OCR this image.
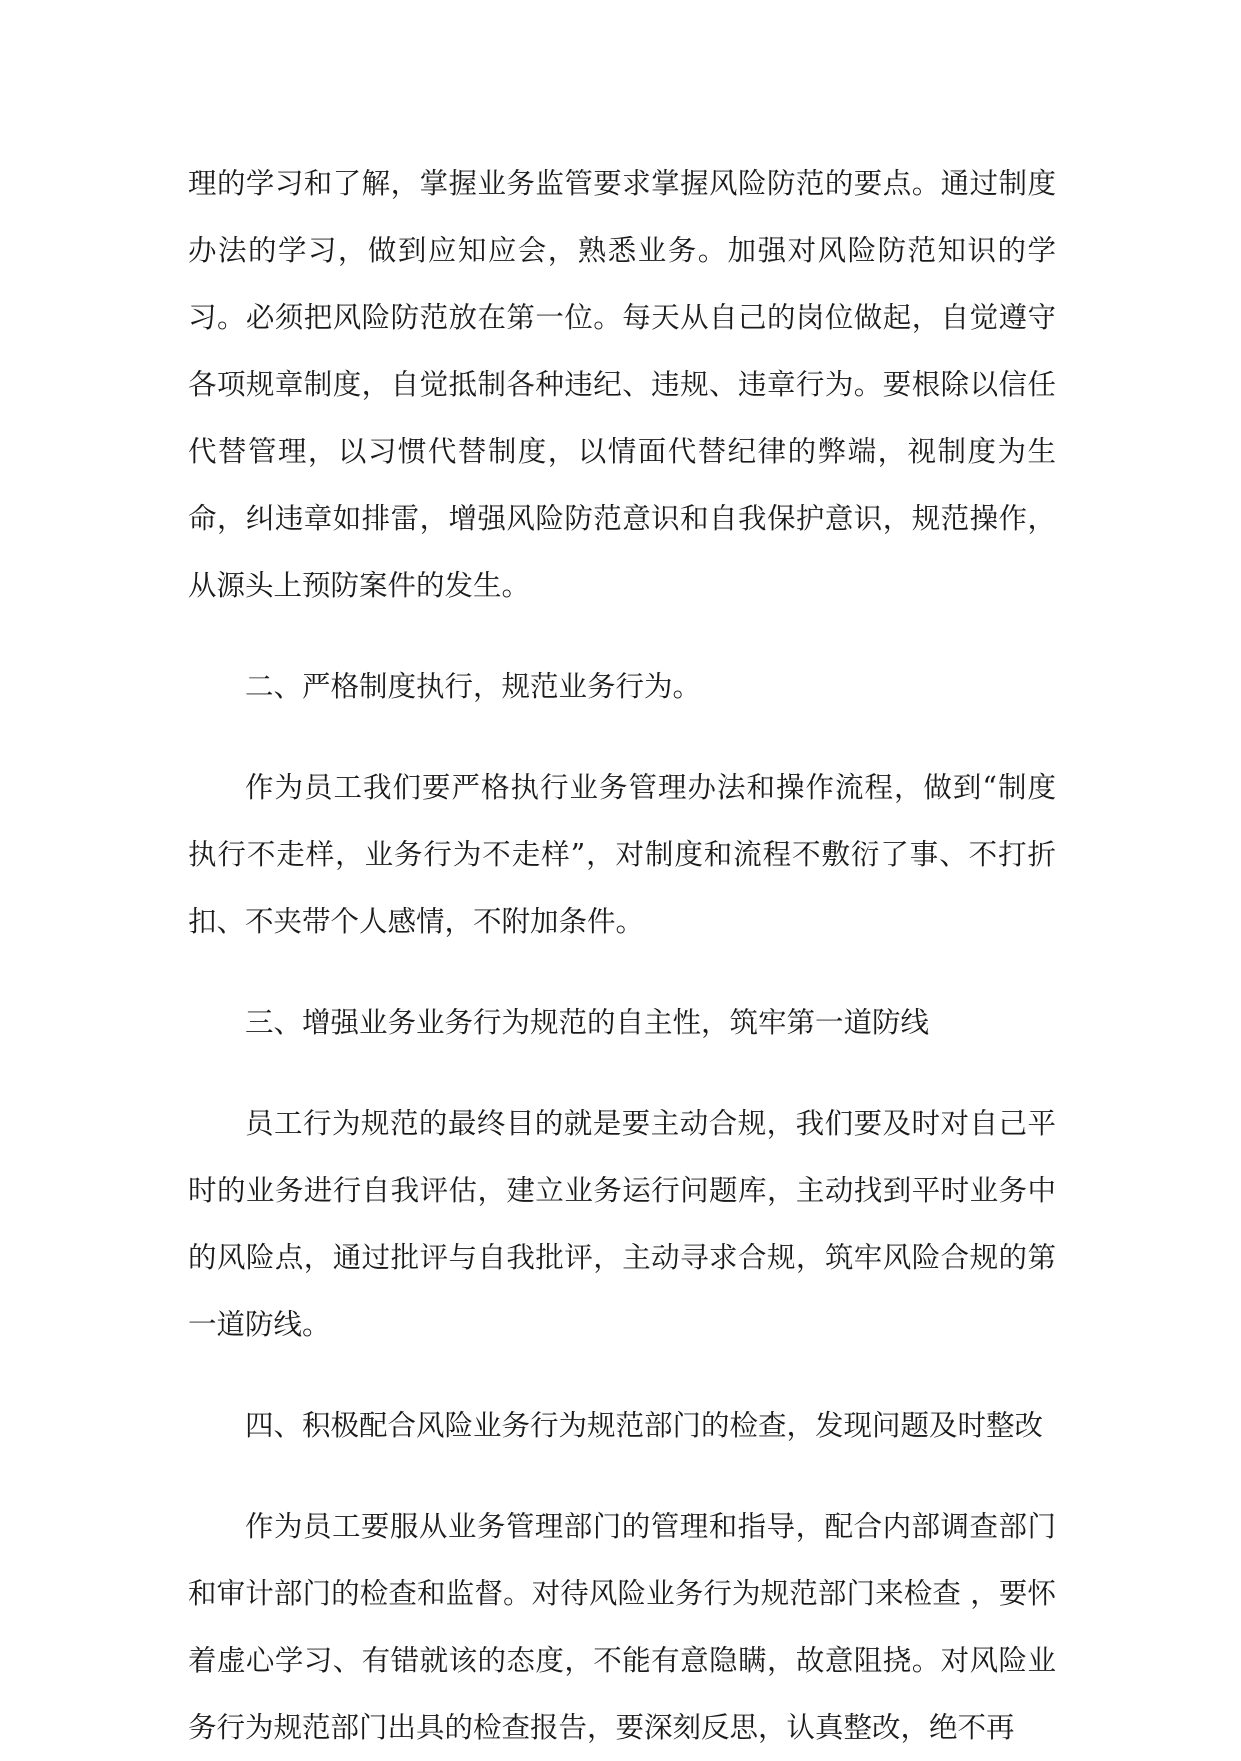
理的学习和了解，掌握业务监管要求掌握风险防范的要点。通过制度办法的学习，做到应知应会，熟悉业务。加强对风险防范知识的学习。必须把风险防范放在第一位。每天从自己的岗位做起，自觉遵守各项规章制度，自觉抵制各种违纪、违规、违章行为。要根除以信任代替管理，以习惯代替制度，以情面代替纪律的弊端，视制度为生命，纠违章如排雷，增强风险防范意识和自我保护意识，规范操作，从源头上预防案件的发生。

二、严格制度执行，规范业务行为。

作为员工我们要严格执行业务管理办法和操作流程，做到“制度执行不走样，业务行为不走样”，对制度和流程不敷衍了事、不打折扣、不夹带个人感情，不附加条件。

三、增强业务业务行为规范的自主性，筑牢第一道防线

员工行为规范的最终目的就是要主动合规，我们要及时对自己平时的业务进行自我评估，建立业务运行问题库，主动找到平时业务中的风险点，通过批评与自我批评，主动寻求合规，筑牢风险合规的第一道防线。

四、积极配合风险业务行为规范部门的检查，发现问题及时整改

作为员工要服从业务管理部门的管理和指导，配合内部调查部门和审计部门的检查和监督。对待风险业务行为规范部门来检查 ，要怀着虚心学习、有错就该的态度，不能有意隐瞒，故意阻挠。对风险业务行为规范部门出具的检查报告，要深刻反思，认真整改，绝不再
